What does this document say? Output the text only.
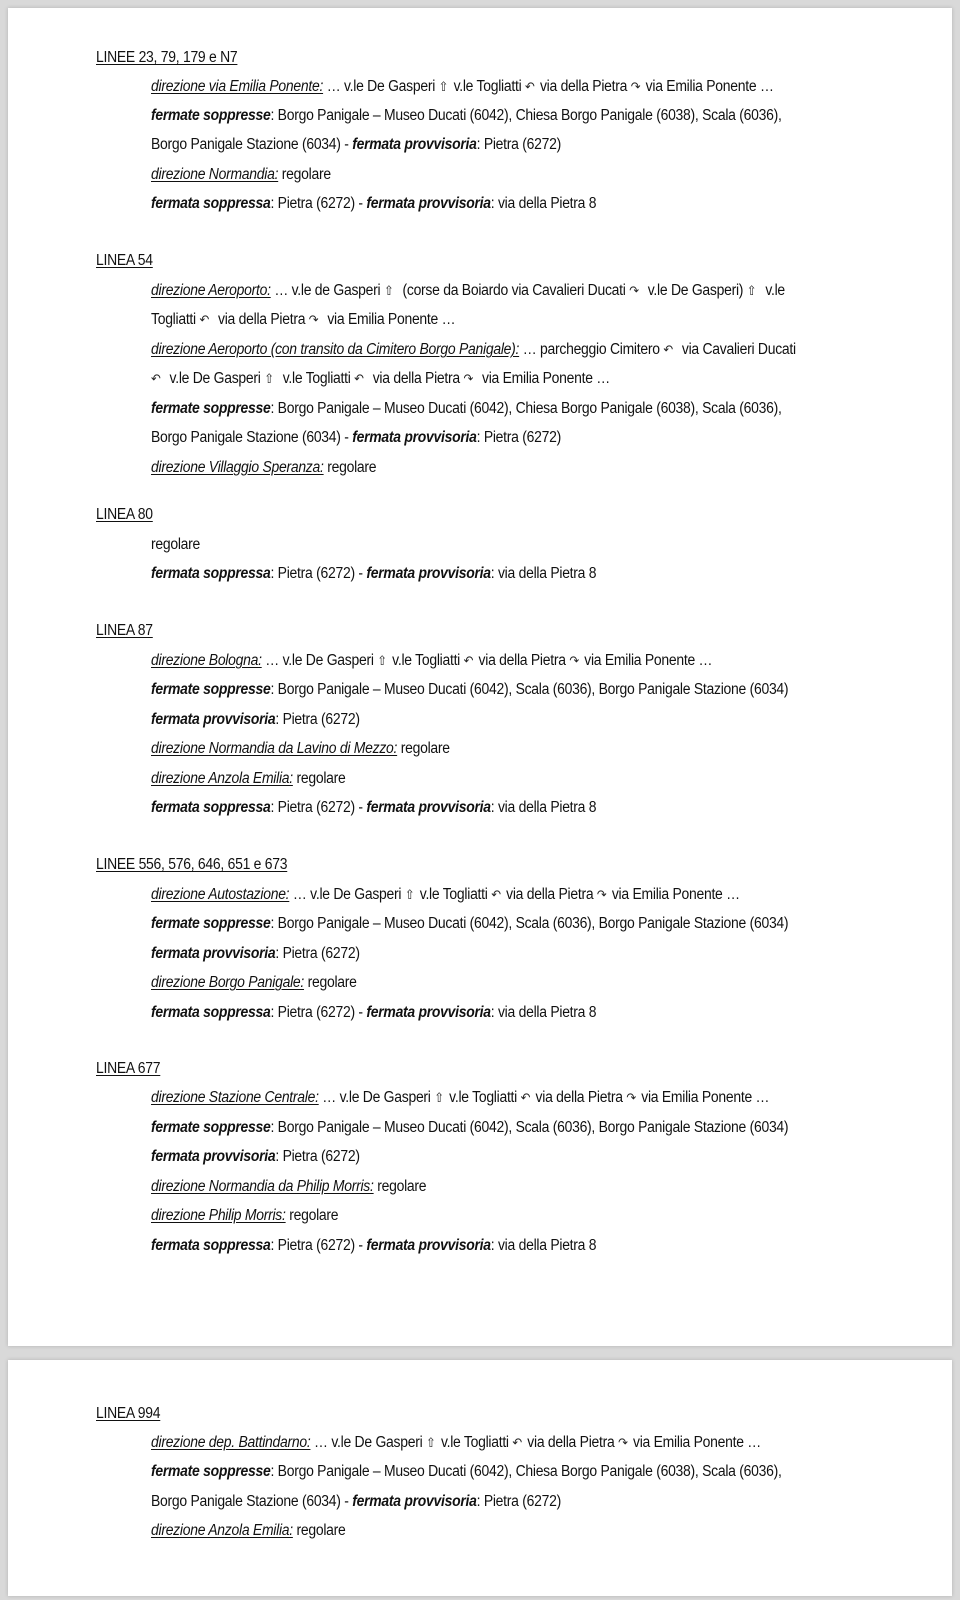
LINEE 23, 79, 179 e N7
direzione via Emilia Ponente: … v.le De Gasperi ⇧ v.le Togliatti ↶ via della Pietra ↷ via Emilia Ponente …
fermate soppresse: Borgo Panigale – Museo Ducati (6042), Chiesa Borgo Panigale (6038), Scala (6036),
Borgo Panigale Stazione (6034) - fermata provvisoria: Pietra (6272)
direzione Normandia: regolare
fermata soppressa: Pietra (6272) - fermata provvisoria: via della Pietra 8
LINEA 54
direzione Aeroporto: … v.le de Gasperi ⇧ (corse da Boiardo via Cavalieri Ducati ↷ v.le De Gasperi) ⇧ v.le
Togliatti ↶ via della Pietra ↷ via Emilia Ponente …
direzione Aeroporto (con transito da Cimitero Borgo Panigale): … parcheggio Cimitero ↶ via Cavalieri Ducati
↶ v.le De Gasperi ⇧ v.le Togliatti ↶ via della Pietra ↷ via Emilia Ponente …
fermate soppresse: Borgo Panigale – Museo Ducati (6042), Chiesa Borgo Panigale (6038), Scala (6036),
Borgo Panigale Stazione (6034) - fermata provvisoria: Pietra (6272)
direzione Villaggio Speranza: regolare
LINEA 80
regolare
fermata soppressa: Pietra (6272) - fermata provvisoria: via della Pietra 8
LINEA 87
direzione Bologna: … v.le De Gasperi ⇧ v.le Togliatti ↶ via della Pietra ↷ via Emilia Ponente …
fermate soppresse: Borgo Panigale – Museo Ducati (6042), Scala (6036), Borgo Panigale Stazione (6034)
fermata provvisoria: Pietra (6272)
direzione Normandia da Lavino di Mezzo: regolare
direzione Anzola Emilia: regolare
fermata soppressa: Pietra (6272) - fermata provvisoria: via della Pietra 8
LINEE 556, 576, 646, 651 e 673
direzione Autostazione: … v.le De Gasperi ⇧ v.le Togliatti ↶ via della Pietra ↷ via Emilia Ponente …
fermate soppresse: Borgo Panigale – Museo Ducati (6042), Scala (6036), Borgo Panigale Stazione (6034)
fermata provvisoria: Pietra (6272)
direzione Borgo Panigale: regolare
fermata soppressa: Pietra (6272) - fermata provvisoria: via della Pietra 8
LINEA 677
direzione Stazione Centrale: … v.le De Gasperi ⇧ v.le Togliatti ↶ via della Pietra ↷ via Emilia Ponente …
fermate soppresse: Borgo Panigale – Museo Ducati (6042), Scala (6036), Borgo Panigale Stazione (6034)
fermata provvisoria: Pietra (6272)
direzione Normandia da Philip Morris: regolare
direzione Philip Morris: regolare
fermata soppressa: Pietra (6272) - fermata provvisoria: via della Pietra 8
LINEA 994
direzione dep. Battindarno: … v.le De Gasperi ⇧ v.le Togliatti ↶ via della Pietra ↷ via Emilia Ponente …
fermate soppresse: Borgo Panigale – Museo Ducati (6042), Chiesa Borgo Panigale (6038), Scala (6036),
Borgo Panigale Stazione (6034) - fermata provvisoria: Pietra (6272)
direzione Anzola Emilia: regolare
